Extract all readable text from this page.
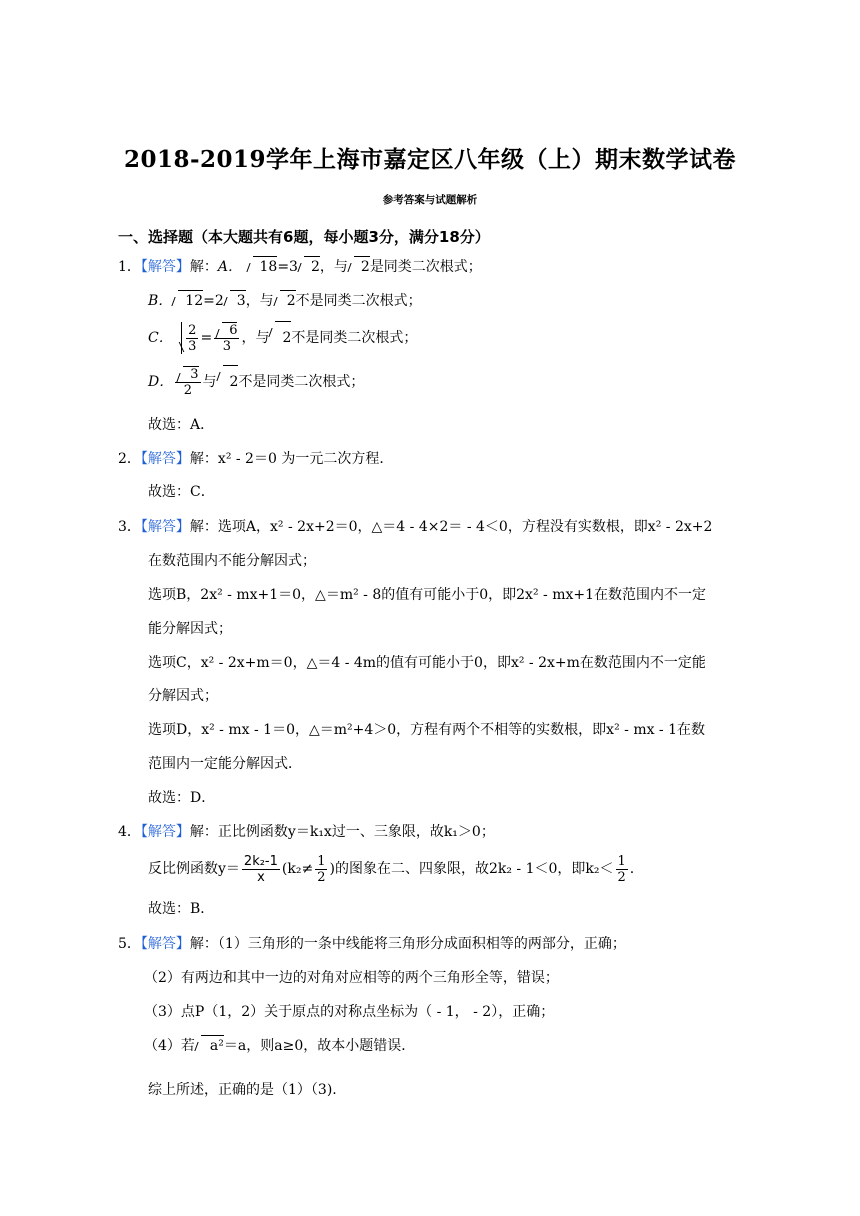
2018-2019学年上海市嘉定区八年级（上）期末数学试卷
参考答案与试题解析
一、选择题（本大题共有6题，每小题3分，满分18分）
1．【解答】解：A． 18=3 2，与 2是同类二次根式；
B． 12=2 3，与 2不是同类二次根式；
C． $\frac{2}{3} = \frac{6}{3}$ ，与 2不是同类二次根式；
D． $\frac{3}{2}$ 与 2不是同类二次根式；
故选：A．
2．【解答】解：x² - 2＝0 为一元二次方程．
故选：C．
3．【解答】解：选项A，x² - 2x+2＝0，△＝4 - 4×2＝ - 4＜0，方程没有实数根，即x² - 2x+2
在数范围内不能分解因式；
选项B，2x² - mx+1＝0，△＝m² - 8的值有可能小于0，即2x² - mx+1在数范围内不一定
能分解因式；
选项C，x² - 2x+m＝0，△＝4 - 4m的值有可能小于0，即x² - 2x+m在数范围内不一定能
分解因式；
选项D，x² - mx - 1＝0，△＝m²+4＞0，方程有两个不相等的实数根，即x² - mx - 1在数
范围内一定能分解因式．
故选：D．
4．【解答】解：正比例函数y＝k₁x过一、三象限，故k₁＞0；
反比例函数$y= \frac{\text{2k₂-1}}{x} (k_2\ne \frac{1}{2}$ )的图象在二、四象限，故2k₂ - 1＜0，即$k_2< \frac{1}{2}$ .
故选：B．
5．【解答】解：（1）三角形的一条中线能将三角形分成面积相等的两部分，正确；
（2）有两边和其中一边的对角对应相等的两个三角形全等，错误；
（3）点P（1，2）关于原点的对称点坐标为（ - 1， - 2），正确；
（4）若 a²＝a，则a≥0，故本小题错误．
综上所述，正确的是（1）（3).
